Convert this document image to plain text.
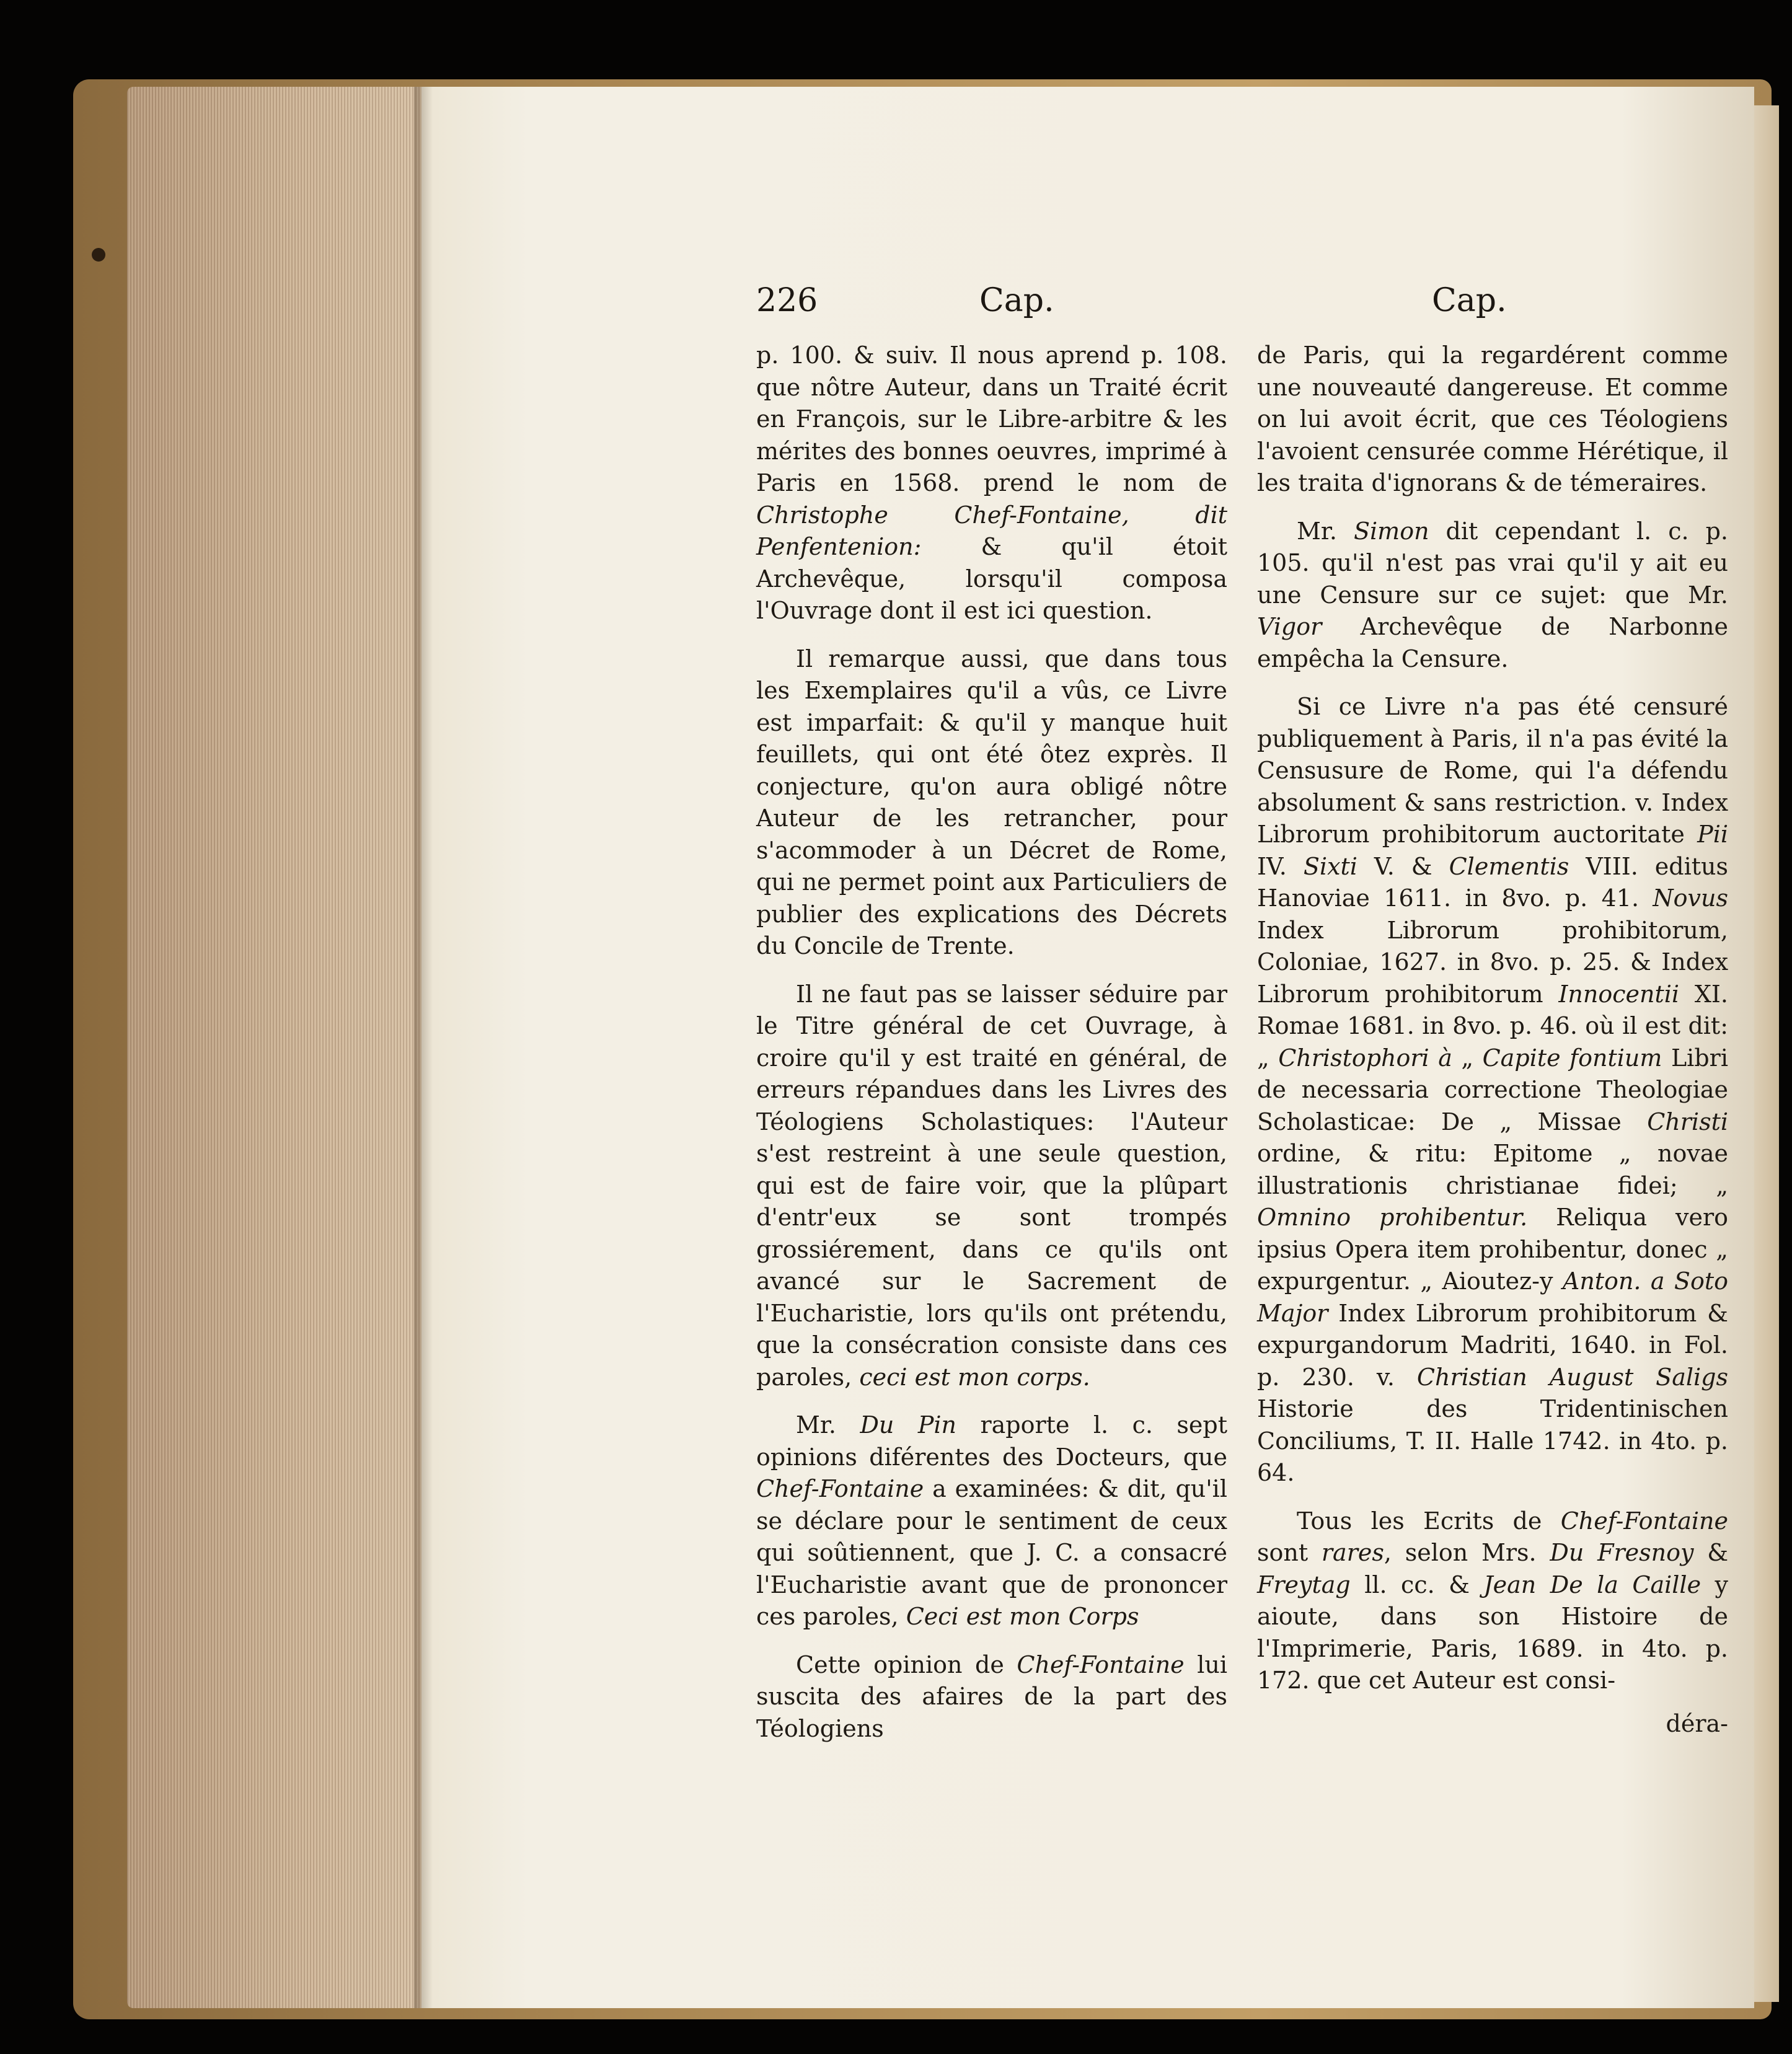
226	Cap.	Cap.

p. 100. & suiv. Il nous aprend p. 108. que nôtre Auteur, dans un Traité écrit en François, sur le Libre-arbitre & les mérites des bonnes oeuvres, imprimé à Paris en 1568. prend le nom de Christophe Chef-Fontaine, dit Penfentenion: & qu'il étoit Archevêque, lorsqu'il composa l'Ouvrage dont il est ici question.

Il remarque aussi, que dans tous les Exemplaires qu'il a vûs, ce Livre est imparfait: & qu'il y manque huit feuillets, qui ont été ôtez exprès. Il conjecture, qu'on aura obligé nôtre Auteur de les retrancher, pour s'acommoder à un Décret de Rome, qui ne permet point aux Particuliers de publier des explications des Décrets du Concile de Trente.

Il ne faut pas se laisser séduire par le Titre général de cet Ouvrage, à croire qu'il y est traité en général, de erreurs répandues dans les Livres des Téologiens Scholastiques: l'Auteur s'est restreint à une seule question, qui est de faire voir, que la plûpart d'entr'eux se sont trompés grossiérement, dans ce qu'ils ont avancé sur le Sacrement de l'Eucharistie, lors qu'ils ont prétendu, que la consécration consiste dans ces paroles, ceci est mon corps.

Mr. Du Pin raporte l. c. sept opinions diférentes des Docteurs, que Chef-Fontaine a examinées: & dit, qu'il se déclare pour le sentiment de ceux qui soûtiennent, que J. C. a consacré l'Eucharistie avant que de prononcer ces paroles, Ceci est mon Corps

Cette opinion de Chef-Fontaine lui suscita des afaires de la part des Téologiens

de Paris, qui la regardérent comme une nouveauté dangereuse. Et comme on lui avoit écrit, que ces Téologiens l'avoient censurée comme Hérétique, il les traita d'ignorans & de témeraires.

Mr. Simon dit cependant l. c. p. 105. qu'il n'est pas vrai qu'il y ait eu une Censure sur ce sujet: que Mr. Vigor Archevêque de Narbonne empêcha la Censure.

Si ce Livre n'a pas été censuré publiquement à Paris, il n'a pas évité la Censusure de Rome, qui l'a défendu absolument & sans restriction. v. Index Librorum prohibitorum auctoritate Pii IV. Sixti V. & Clementis VIII. editus Hanoviae 1611. in 8vo. p. 41. Novus Index Librorum prohibitorum, Coloniae, 1627. in 8vo. p. 25. & Index Librorum prohibitorum Innocentii XI. Romae 1681. in 8vo. p. 46. où il est dit: „ Christophori à „ Capite fontium Libri de necessaria correctione Theologiae Scholasticae: De „ Missae Christi ordine, & ritu: Epitome „ novae illustrationis christianae fidei; „ Omnino prohibentur. Reliqua vero ipsius Opera item prohibentur, donec „ expurgentur. „ Aioutez-y Anton. a Soto Major Index Librorum prohibitorum & expurgandorum Madriti, 1640. in Fol. p. 230. v. Christian August Saligs Historie des Tridentinischen Conciliums, T. II. Halle 1742. in 4to. p. 64.

Tous les Ecrits de Chef-Fontaine sont rares, selon Mrs. Du Fresnoy & Freytag ll. cc. & Jean De la Caille y aioute, dans son Histoire de l'Imprimerie, Paris, 1689. in 4to. p. 172. que cet Auteur est consi-

déra-
